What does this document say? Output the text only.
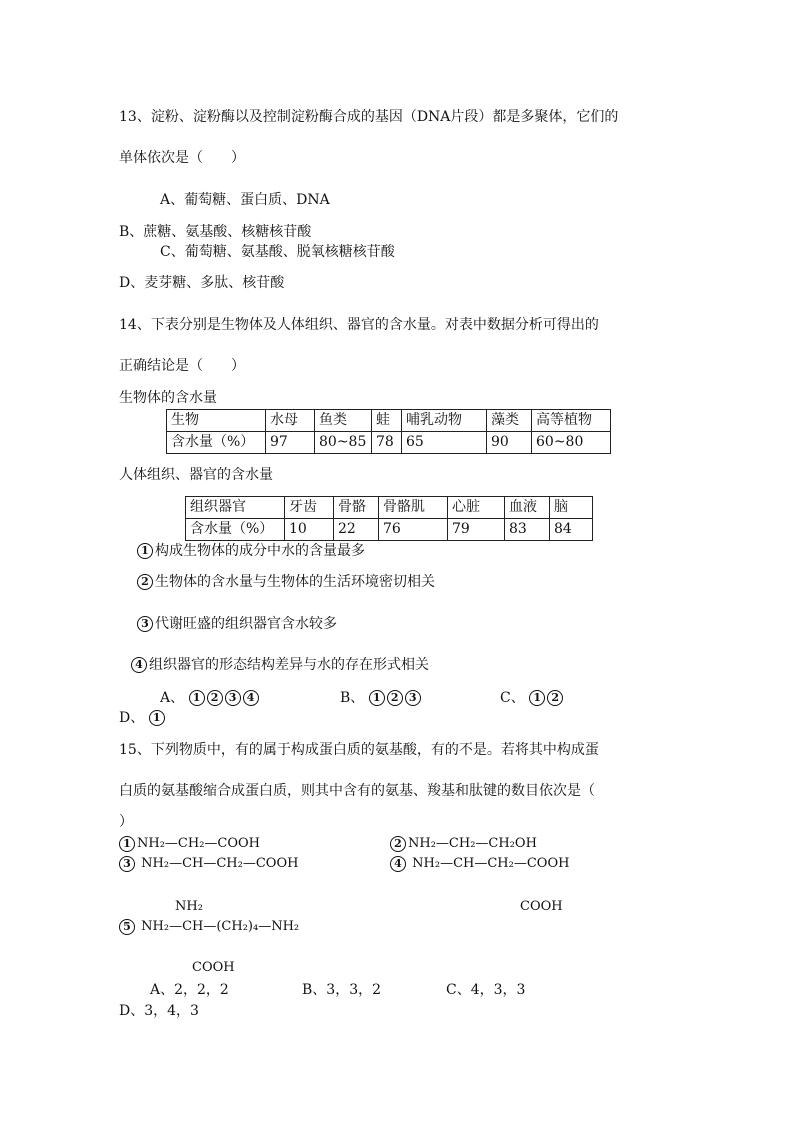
13、淀粉、淀粉酶以及控制淀粉酶合成的基因（DNA片段）都是多聚体，它们的
单体依次是（　　）
A、葡萄糖、蛋白质、DNA
B、蔗糖、氨基酸、核糖核苷酸
C、葡萄糖、氨基酸、脱氧核糖核苷酸
D、麦芽糖、多肽、核苷酸
14、下表分别是生物体及人体组织、器官的含水量。对表中数据分析可得出的
正确结论是（　　）
生物体的含水量
生物	水母	鱼类	蛙	哺乳动物	藻类	高等植物
含水量（%）	97	80~85	78	65	90	60~80
人体组织、器官的含水量
组织器官	牙齿	骨骼	骨骼肌	心脏	血液	脑
含水量（%）	10	22	76	79	83	84
1 构成生物体的成分中水的含量最多
2 生物体的含水量与生物体的生活环境密切相关
3 代谢旺盛的组织器官含水较多
4 组织器官的形态结构差异与水的存在形式相关
A、 1 2 3 4	B、 1 2 3	C、 1 2
D、 1
15、下列物质中，有的属于构成蛋白质的氨基酸，有的不是。若将其中构成蛋
白质的氨基酸缩合成蛋白质，则其中含有的氨基、羧基和肽键的数目依次是（
）
1 NH₂—CH₂—COOH	2 NH₂—CH₂—CH₂OH
3 NH₂—CH—CH₂—COOH	4 NH₂—CH—CH₂—COOH
COOH
NH₂
5 NH₂—CH—(CH₂)₄—NH₂
COOH
A、2，2，2	B、3，3，2	C、4，3，3
D、3，4，3
